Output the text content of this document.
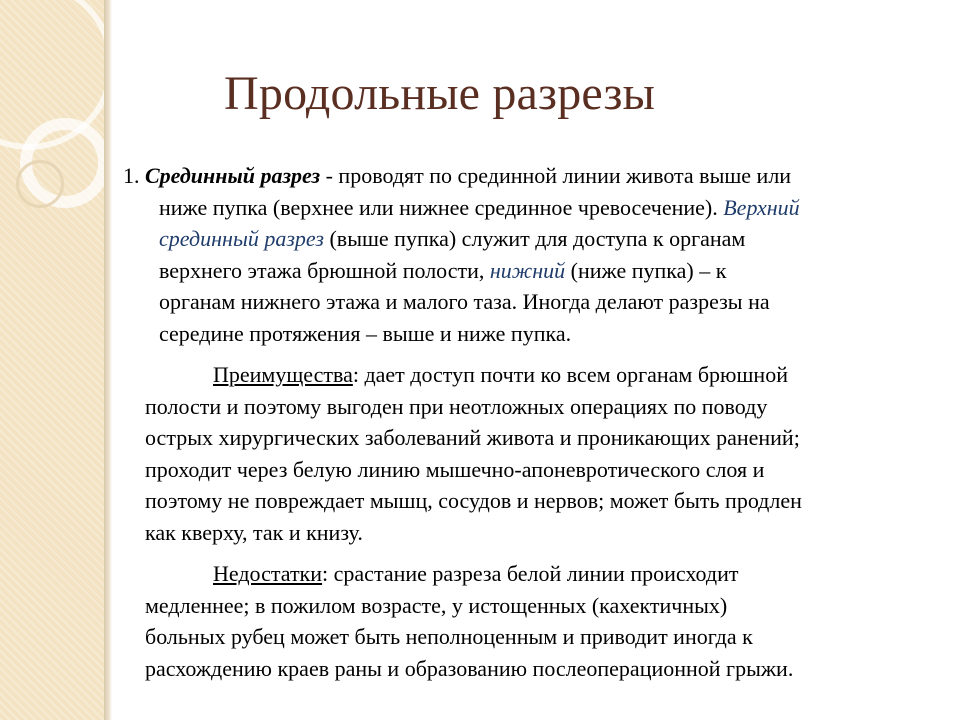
Продольные разрезы
1. Срединный разрез - проводят по срединной линии живота выше или
ниже пупка (верхнее или нижнее срединное чревосечение). Верхний
срединный разрез (выше пупка) служит для доступа к органам
верхнего этажа брюшной полости, нижний (ниже пупка) – к
органам нижнего этажа и малого таза. Иногда делают разрезы на
середине протяжения – выше и ниже пупка.
Преимущества: дает доступ почти ко всем органам брюшной
полости и поэтому выгоден при неотложных операциях по поводу
острых хирургических заболеваний живота и проникающих ранений;
проходит через белую линию мышечно-апоневротического слоя и
поэтому не повреждает мышц, сосудов и нервов; может быть продлен
как кверху, так и книзу.
Недостатки: срастание разреза белой линии происходит
медленнее; в пожилом возрасте, у истощенных (кахектичных)
больных рубец может быть неполноценным и приводит иногда к
расхождению краев раны и образованию послеоперационной грыжи.
